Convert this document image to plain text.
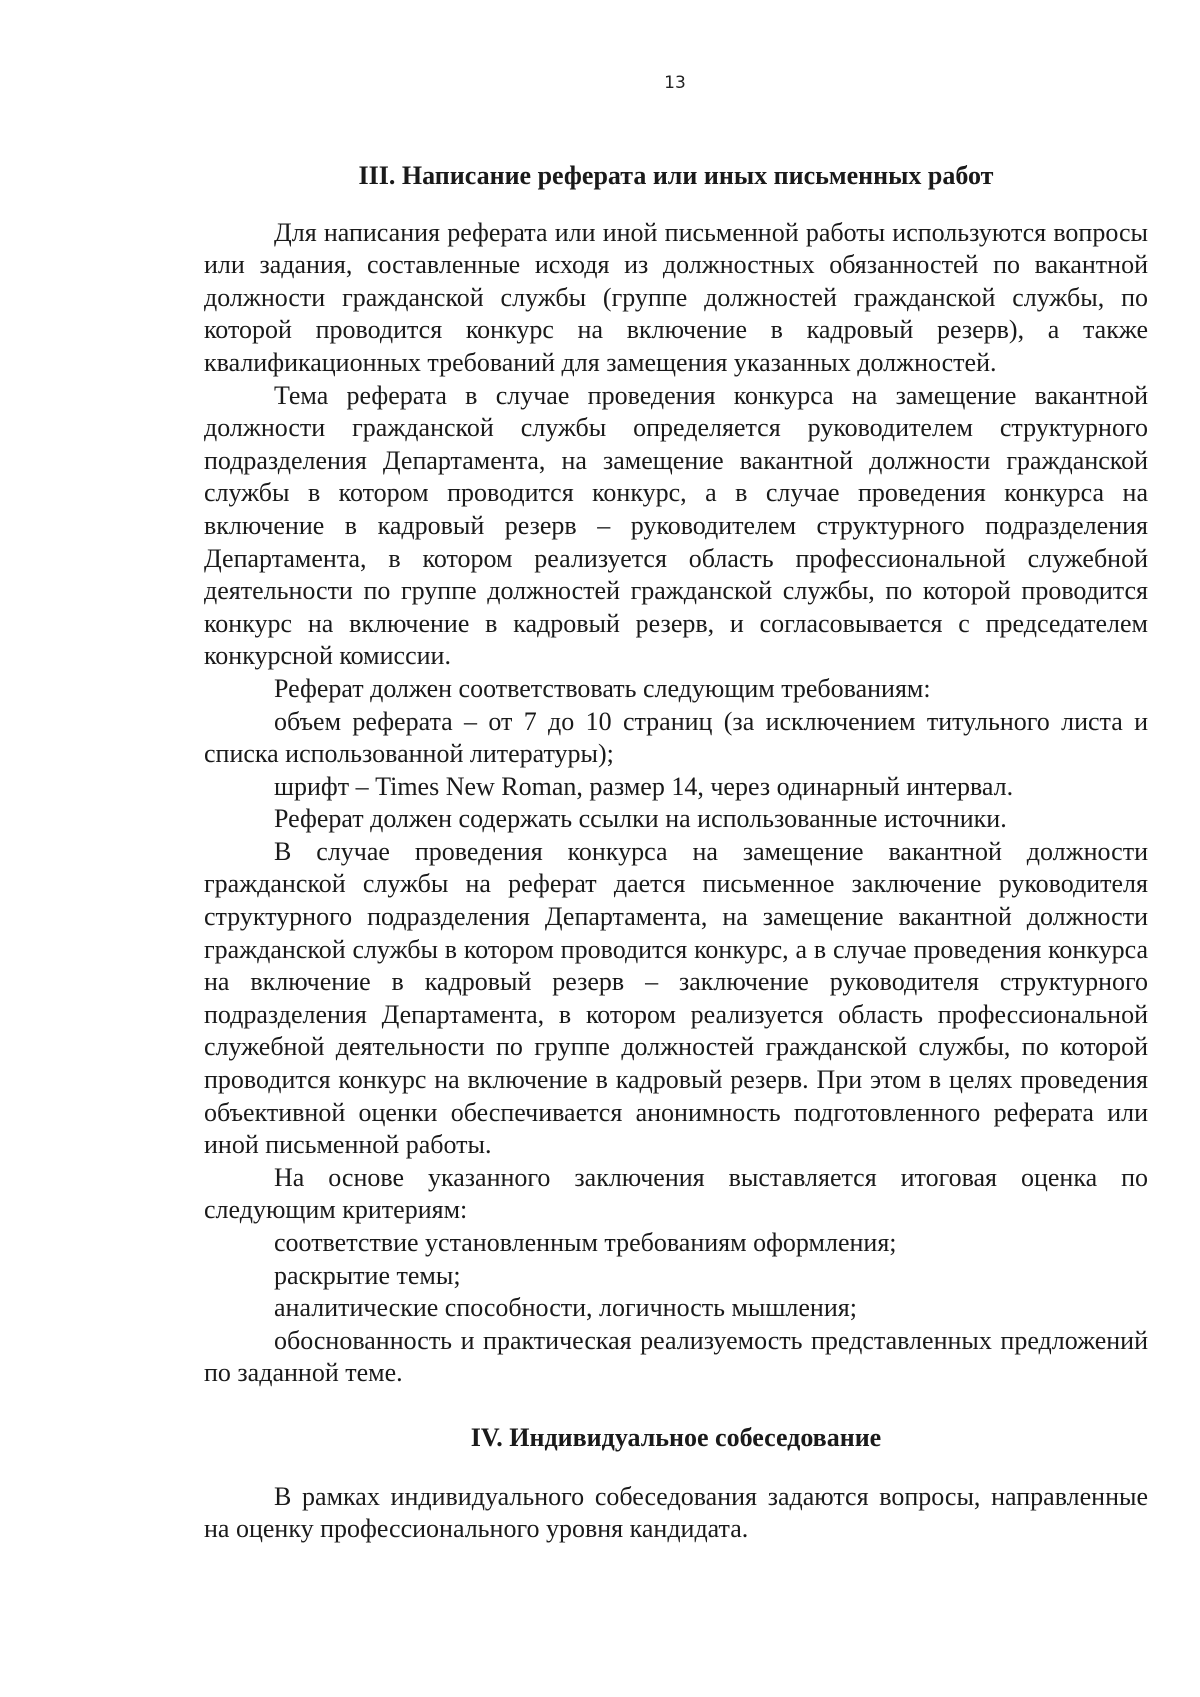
13
III. Написание реферата или иных письменных работ

Для написания реферата или иной письменной работы используются вопросы или задания, составленные исходя из должностных обязанностей по вакантной должности гражданской службы (группе должностей гражданской службы, по которой проводится конкурс на включение в кадровый резерв), а также квалификационных требований для замещения указанных должностей.

Тема реферата в случае проведения конкурса на замещение вакантной должности гражданской службы определяется руководителем структурного подразделения Департамента, на замещение вакантной должности гражданской службы в котором проводится конкурс, а в случае проведения конкурса на включение в кадровый резерв – руководителем структурного подразделения Департамента, в котором реализуется область профессиональной служебной деятельности по группе должностей гражданской службы, по которой проводится конкурс на включение в кадровый резерв, и согласовывается с председателем конкурсной комиссии.

Реферат должен соответствовать следующим требованиям:

объем реферата – от 7 до 10 страниц (за исключением титульного листа и списка использованной литературы);

шрифт – Times New Roman, размер 14, через одинарный интервал.

Реферат должен содержать ссылки на использованные источники.

В случае проведения конкурса на замещение вакантной должности гражданской службы на реферат дается письменное заключение руководителя структурного подразделения Департамента, на замещение вакантной должности гражданской службы в котором проводится конкурс, а в случае проведения конкурса на включение в кадровый резерв – заключение руководителя структурного подразделения Департамента, в котором реализуется область профессиональной служебной деятельности по группе должностей гражданской службы, по которой проводится конкурс на включение в кадровый резерв. При этом в целях проведения объективной оценки обеспечивается анонимность подготовленного реферата или иной письменной работы.

На основе указанного заключения выставляется итоговая оценка по следующим критериям:

соответствие установленным требованиям оформления;

раскрытие темы;

аналитические способности, логичность мышления;

обоснованность и практическая реализуемость представленных предложений по заданной теме.

IV. Индивидуальное собеседование

В рамках индивидуального собеседования задаются вопросы, направленные на оценку профессионального уровня кандидата.
